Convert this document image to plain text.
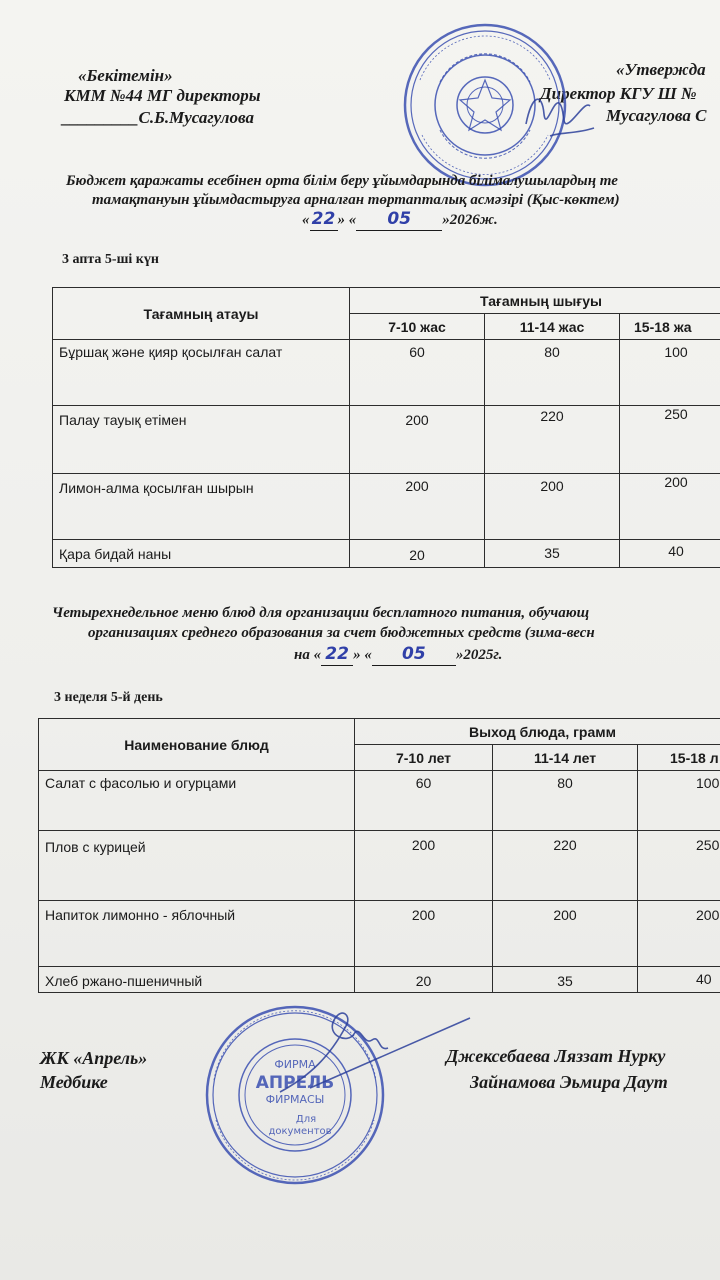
«Бекітемін»
КММ №44 МГ директоры
_________С.Б.Мусагулова
«Утвержда
Директор КГУ Ш №
Мусагулова С
Бюджет қаражаты есебінен орта білім беру ұйымдарында білімалушылардың те
тамақтануын ұйымдастыруға арналған төртапталық асмәзірі (Қыс-көктем)
« 22 » « 05 »2026ж.
3 апта 5-ші күн
Тағамның атауы	Тағамның шығуы		
	7-10 жас	11-14 жас	15-18 жа
Бұршақ және қияр қосылған салат	60	80	100
Палау тауық етімен	200	220	250
Лимон-алма қосылған шырын	200	200	200
Қара бидай наны	20	35	40
Четырехнедельное меню блюд для организации бесплатного питания, обучающ
организациях среднего образования за счет бюджетных средств (зима-весн
на « 22 » « 05 »2025г.
3 неделя 5-й день
Наименование блюд	Выход блюда, грамм		
	7-10 лет	11-14 лет	15-18 л
Салат с фасолью и огурцами	60	80	100
Плов с курицей	200	220	250
Напиток лимонно - яблочный	200	200	200
Хлеб ржано-пшеничный	20	35	40
ЖК «Апрель»
Медбике
Джексебаева Ляззат Нурку
Зайнамова Эьмира Даут
ФИРМА
АПРЕЛЬ
ФИРМАСЫ
Для
документов
